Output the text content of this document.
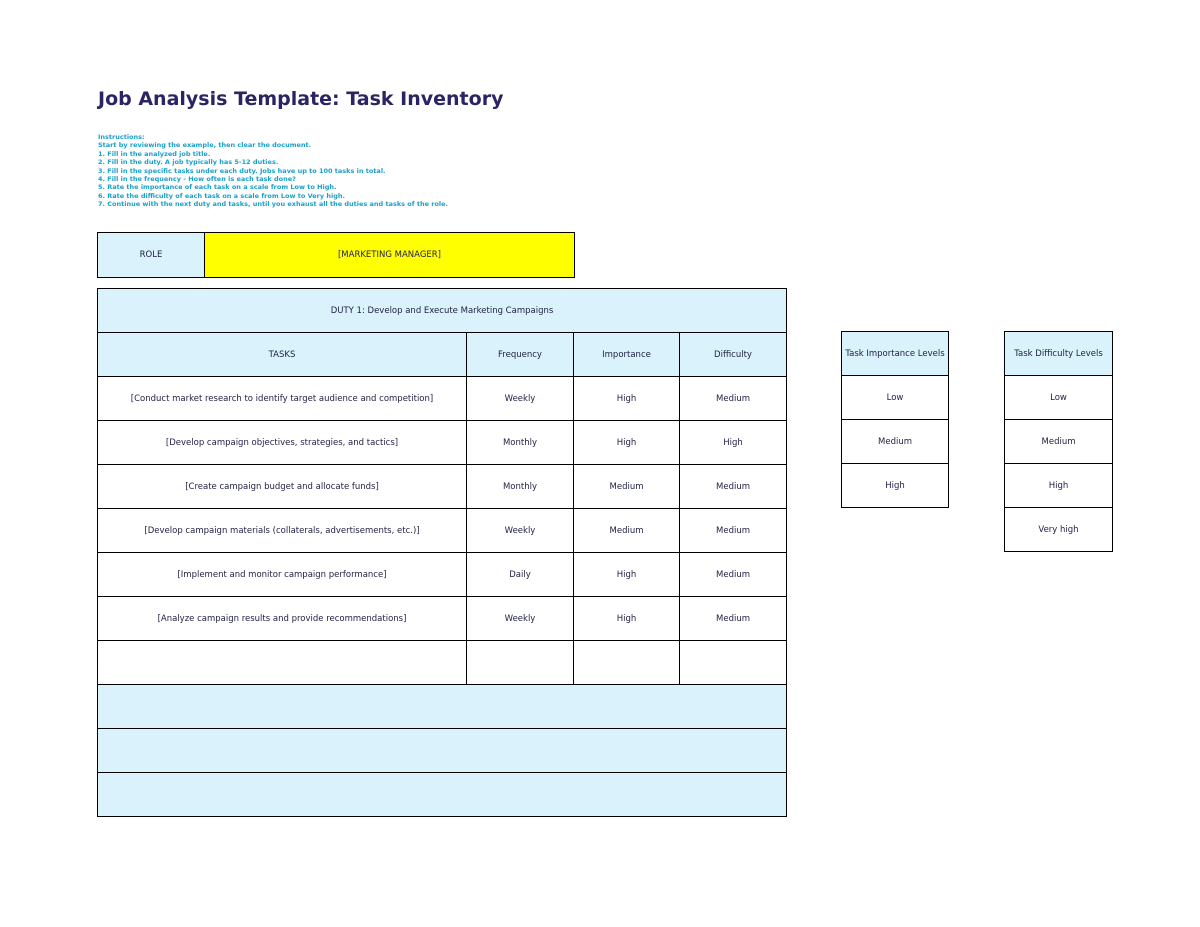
Job Analysis Template: Task Inventory
Instructions:
Start by reviewing the example, then clear the document.
1. Fill in the analyzed job title.
2. Fill in the duty. A job typically has 5-12 duties.
3. Fill in the specific tasks under each duty. Jobs have up to 100 tasks in total.
4. Fill in the frequency - How often is each task done?
5. Rate the importance of each task on a scale from Low to High.
6. Rate the difficulty of each task on a scale from Low to Very high.
7. Continue with the next duty and tasks, until you exhaust all the duties and tasks of the role.
ROLE	[MARKETING MANAGER]
DUTY 1: Develop and Execute Marketing Campaigns			
TASKS	Frequency	Importance	Difficulty
[Conduct market research to identify target audience and competition]	Weekly	High	Medium
[Develop campaign objectives, strategies, and tactics]	Monthly	High	High
[Create campaign budget and allocate funds]	Monthly	Medium	Medium
[Develop campaign materials (collaterals, advertisements, etc.)]	Weekly	Medium	Medium
[Implement and monitor campaign performance]	Daily	High	Medium
[Analyze campaign results and provide recommendations]	Weekly	High	Medium

Task Importance Levels
Low
Medium
High
Task Difficulty Levels
Low
Medium
High
Very high
